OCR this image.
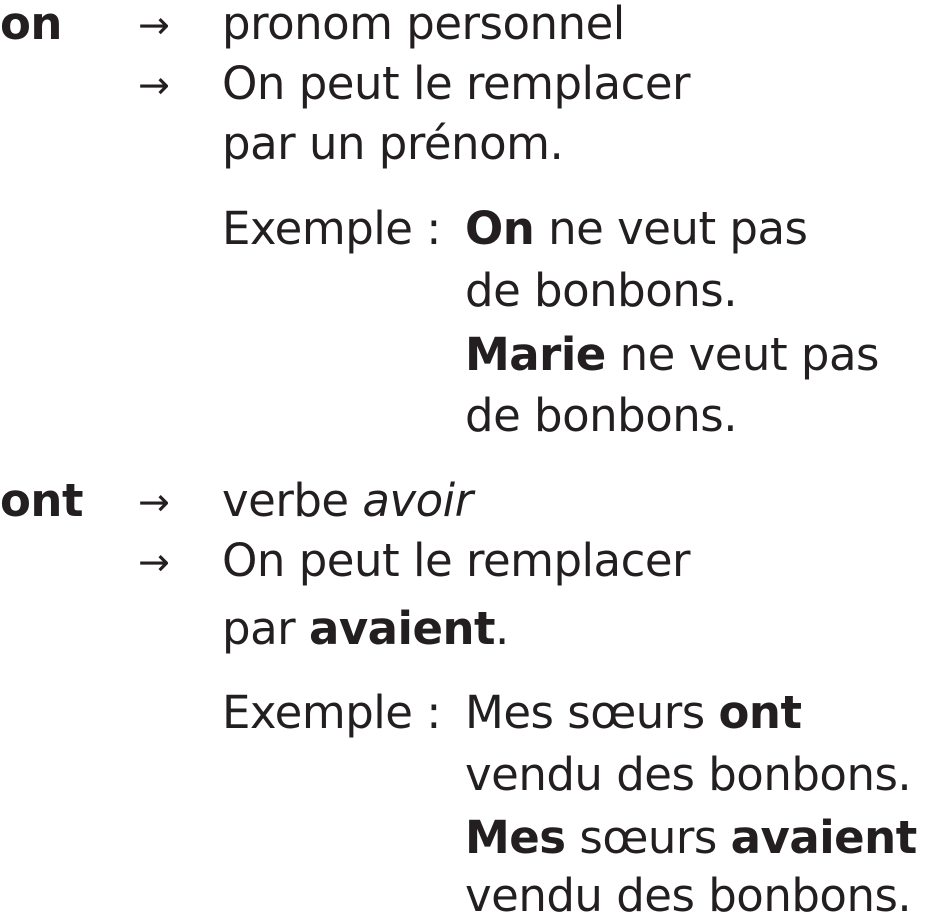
on → pronom personnel
→ On peut le remplacer
par un prénom.
Exemple : On ne veut pas
de bonbons.
Marie ne veut pas
de bonbons.
ont → verbe avoir
→ On peut le remplacer
par avaient.
Exemple : Mes sœurs ont
vendu des bonbons.
Mes sœurs avaient
vendu des bonbons.
